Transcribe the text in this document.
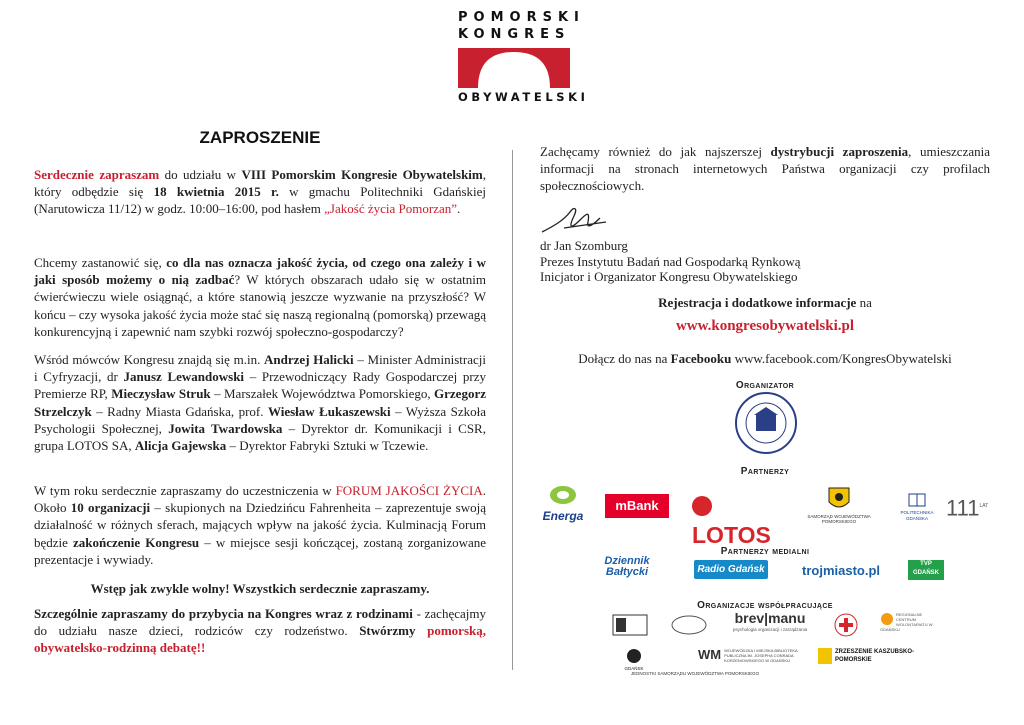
POMORSKI
KONGRES
OBYWATELSKI
ZAPROSZENIE
Serdecznie zapraszam do udziału w VIII Pomorskim Kongresie Obywatelskim, który odbędzie się 18 kwietnia 2015 r. w gmachu Politechniki Gdańskiej (Narutowicza 11/12) w godz. 10:00–16:00, pod hasłem „Jakość życia Pomorzan”.
Chcemy zastanowić się, co dla nas oznacza jakość życia, od czego ona zależy i w jaki sposób możemy o nią zadbać? W których obszarach udało się w ostatnim ćwierćwieczu wiele osiągnąć, a które stanowią jeszcze wyzwanie na przyszłość? W końcu – czy wysoka jakość życia może stać się naszą regionalną (pomorską) przewagą konkurencyjną i zapewnić nam szybki rozwój społeczno-gospodarczy?
Wśród mówców Kongresu znajdą się m.in. Andrzej Halicki – Minister Administracji i Cyfryzacji, dr Janusz Lewandowski – Przewodniczący Rady Gospodarczej przy Premierze RP, Mieczysław Struk – Marszałek Województwa Pomorskiego, Grzegorz Strzelczyk – Radny Miasta Gdańska, prof. Wiesław Łukaszewski – Wyższa Szkoła Psychologii Społecznej, Jowita Twardowska – Dyrektor dr. Komunikacji i CSR, grupa LOTOS SA, Alicja Gajewska – Dyrektor Fabryki Sztuki w Tczewie.
W tym roku serdecznie zapraszamy do uczestniczenia w FORUM JAKOŚCI ŻYCIA. Około 10 organizacji – skupionych na Dziedzińcu Fahrenheita – zaprezentuje swoją działalność w różnych sferach, mających wpływ na jakość życia. Kulminacją Forum będzie zakończenie Kongresu – w miejsce sesji kończącej, zostaną zorganizowane prezentacje i wywiady.
Wstęp jak zwykle wolny! Wszystkich serdecznie zapraszamy.
Szczególnie zapraszamy do przybycia na Kongres wraz z rodzinami - zachęcajmy do udziału nasze dzieci, rodziców czy rodzeństwo. Stwórzmy pomorską, obywatelsko-rodzinną debatę!!
Zachęcamy również do jak najszerszej dystrybucji zaproszenia, umieszczania informacji na stronach internetowych Państwa organizacji czy profilach społecznościowych.
dr Jan Szomburg
Prezes Instytutu Badań nad Gospodarką Rynkową
Inicjator i Organizator Kongresu Obywatelskiego
Rejestracja i dodatkowe informacje na
www.kongresobywatelski.pl
Dołącz do nas na Facebooku www.facebook.com/KongresObywatelski
Organizator
Partnerzy
Energa
mBank
LOTOS
SAMORZĄD WOJEWÓDZTWA POMORSKIEGO
POLITECHNIKA GDAŃSKA $111^{LAT}$
Partnerzy medialni
Dziennik Bałtycki	Radio Gdańsk	trojmiasto.pl	TVP
GDAŃSK
Organizacje współpracujące
brev|manu
psychologia organizacji i zarządzania
REGIONALNE CENTRUM WOLONTARIATU W GDAŃSKU
GDAŃSK
WM WOJEWÓDZKA I MIEJSKA BIBLIOTEKA PUBLICZNA IM. JOSEPHA CONRADA KORZENIOWSKIEGO W GDAŃSKU
ZRZESZENIE KASZUBSKO-POMORSKIE
JEDNOSTKI SAMORZĄDU WOJEWÓDZTWA POMORSKIEGO
